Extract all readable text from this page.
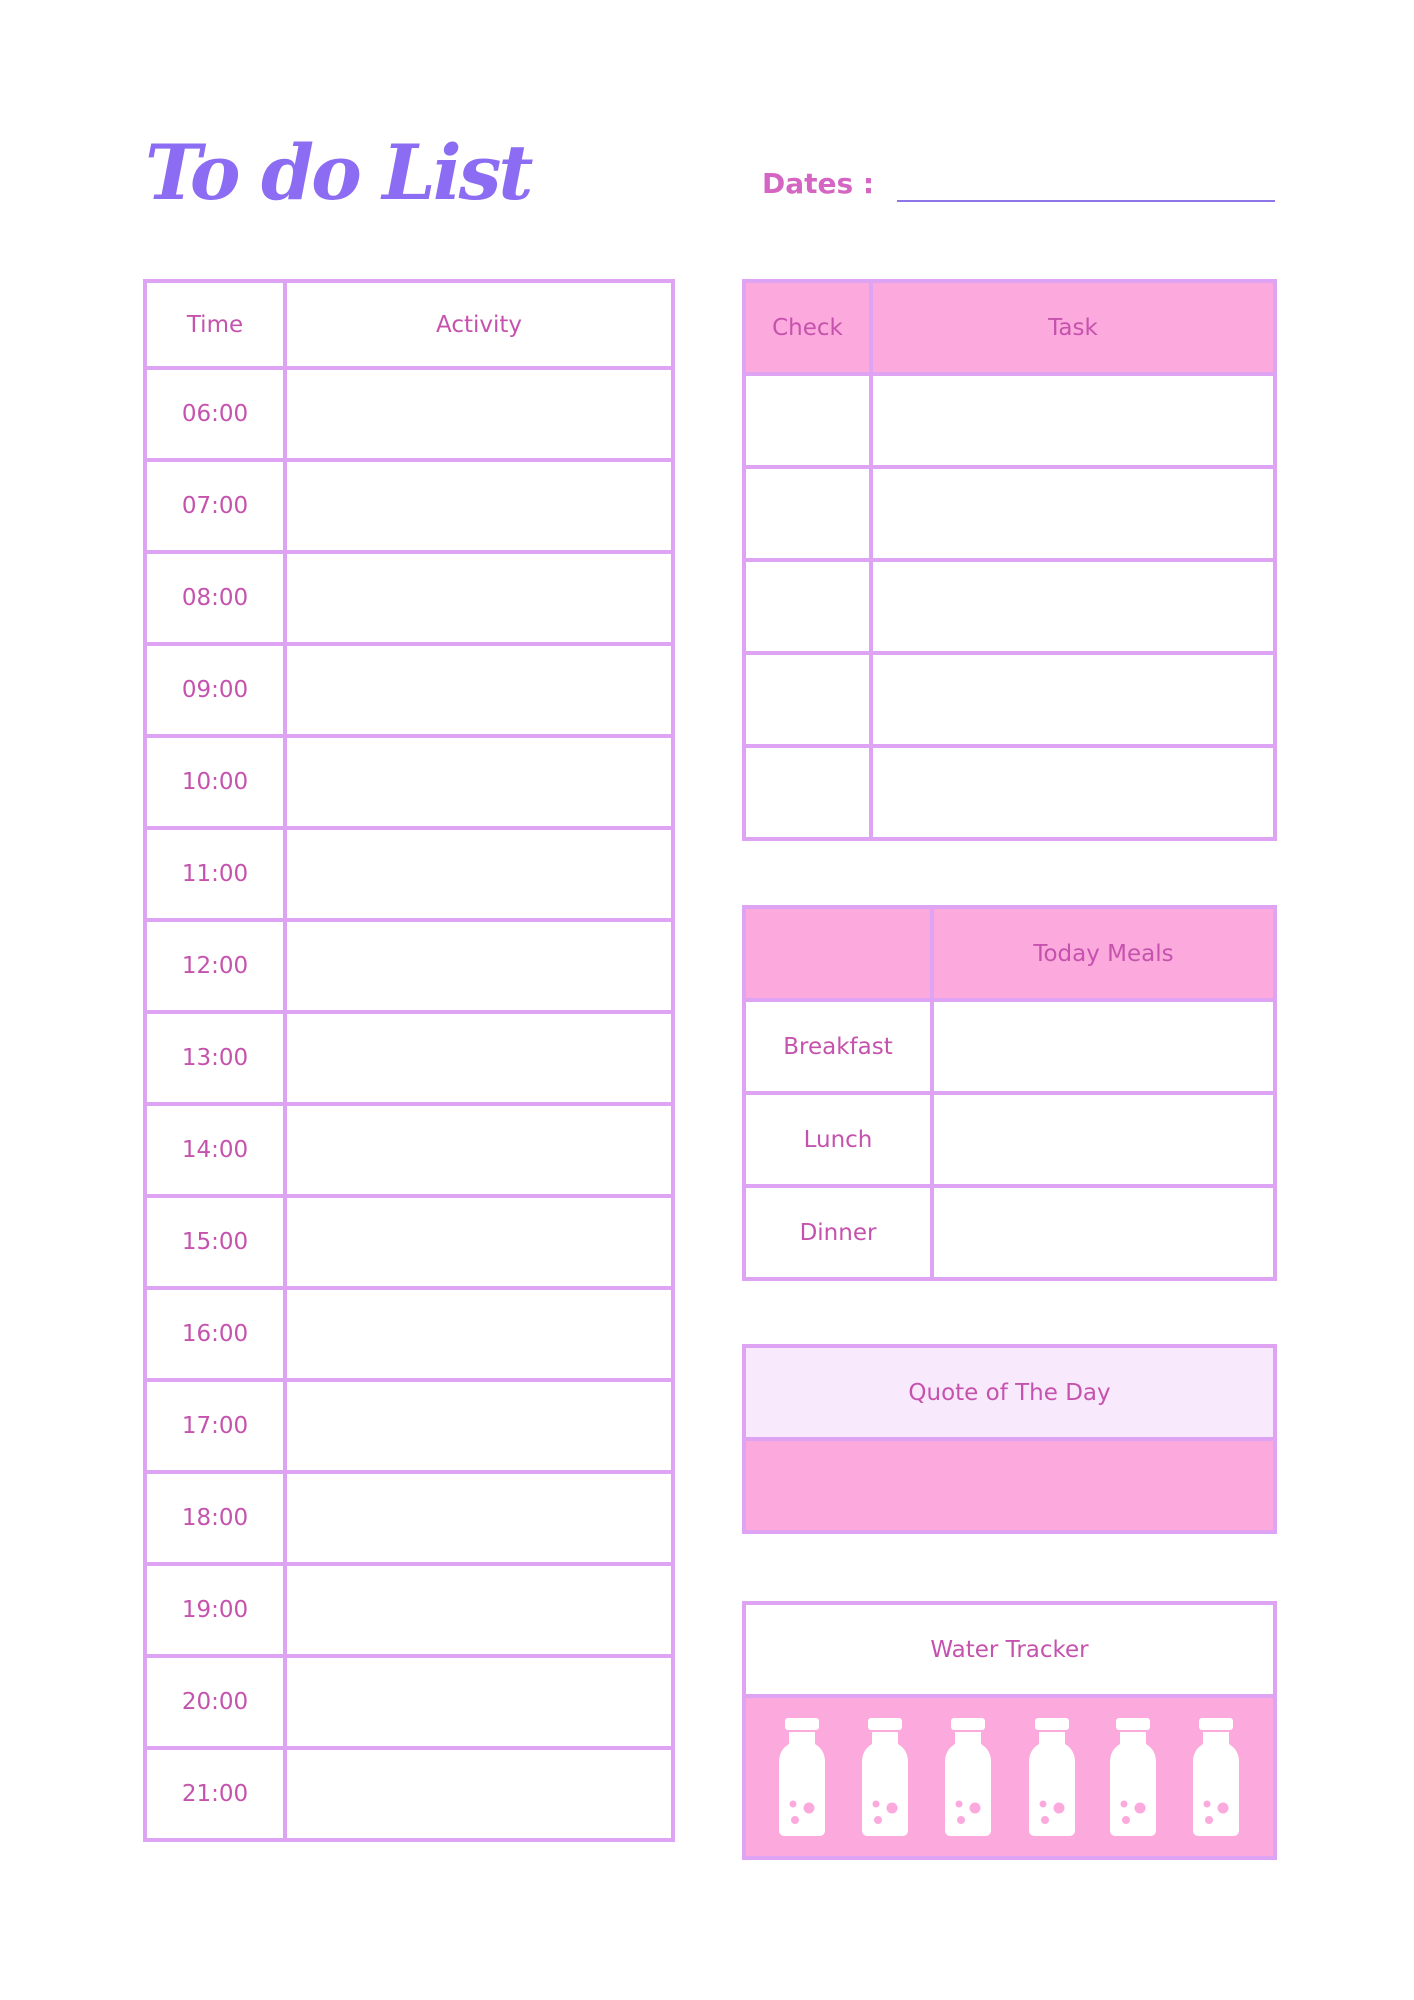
To do List	Dates :
Time	Activity
06:00	
07:00	
08:00	
09:00	
10:00	
11:00	
12:00	
13:00	
14:00	
15:00	
16:00	
17:00	
18:00	
19:00	
20:00	
21:00	
Check	Task

	Today Meals
Breakfast	
Lunch	
Dinner	
Quote of The Day
Water Tracker
